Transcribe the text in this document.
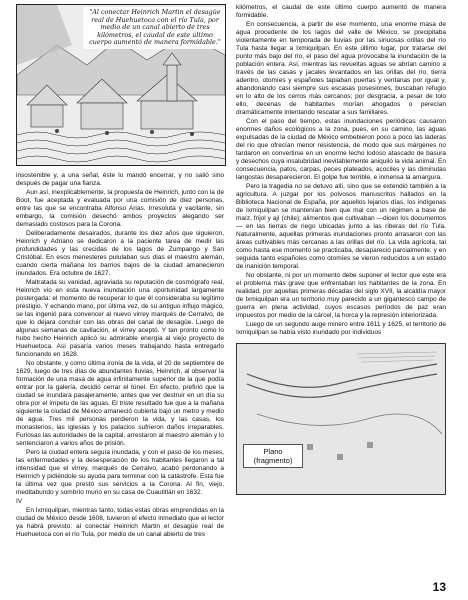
"Al conectar Heinrich Martin el desagüe real de Huehuetoca con el río Tula, por medio de un canal abierto de tres kilómetros, el caudal de este último cuerpo aumentó de manera formidable."

insostenible y, a una señal, éste lo mandó encerrar, y no salió sino después de pagar una fianza.

Aun así, inexplicablemente, la propuesta de Heinrich, junto con la de Boot, fue aceptada y evaluada por una comisión de diez personas, entre las que se encontraba Alfonso Arias. Irresoluta y vacilante, sin embargo, la comisión desechó ambos proyectos alegando ser demasiado costosos para la Corona.

Deliberadamente desairados, durante los diez años que siguieron, Heinrich y Adriano se dedicaron a la paciente tarea de medir las profundidades y las crecidas de los lagos de Zumpango y San Cristóbal. En esos menesteres pululaban sus días el maestro alemán, cuando cierta mañana los barrios bajos de la ciudad amanecieron inundados. Era octubre de 1627.

Maltratada su vanidad, agraviada su reputación de cosmógrafo real, Heinrich vio en esta nueva inundación una oportunidad largamente postergada: el momento de recuperar lo que él consideraba su legítimo prestigio. Y echando mano, por última vez, de su antiguo influjo mágico, se las ingenió para convencer al nuevo virrey marqués de Cerralvo, de que lo dejara concluir con las obras del canal de desagüe. Luego de algunas semanas de cavilación, el virrey aceptó. Y tan pronto como lo hubo hecho Heinrich aplicó su admirable energía al viejo proyecto de Huehuetoca. Así pasaría varios meses trabajando hasta entregarlo funcionando en 1628.

No obstante, y como última ironía de la vida, el 20 de septiembre de 1629, luego de tres días de abundantes lluvias, Heinrich, al observar la formación de una masa de agua infinitamente superior de la que podía entrar por la galería, decidió cerrar el túnel. En efecto, prefirió que la ciudad se inundara pasajeramente, antes que ver destruir en un día su obra por el ímpetu de las aguas. El triste resultado fue que a la mañana siguiente la ciudad de México amaneció cubierta bajo un metro y medio de agua. Tres mil personas perdieron la vida, y las casas, los monasterios, las iglesias y los palacios sufrieron daños irreparables. Furiosas las autoridades de la capital, arrestaron al maestro alemán y lo sentenciaron a varios años de prisión.

Pero la ciudad entera seguía inundada, y con el paso de los meses, las enfermedades y la desesperación de los habitantes llegaron a tal intensidad que el virrey, marqués de Cerralvo, acabó perdonando a Heinrich y pidiéndole su ayuda para terminar con la catástrofe. Esta fue la última vez que prestó sus servicios a la Corona. Al fin, viejo, meditabundo y sombrío murió en su casa de Cuautitlán en 1632.

IV

En Ixmiquilpan, mientras tanto, todas estas obras emprendidas en la ciudad de México desde 1608, tuvieron el efecto inmediato que el lector ya habrá previsto: al conectar Heinrich Martin el desagüe real de Huehuetoca con el río Tula, por medio de un canal abierto de tres

kilómetros, el caudal de este último cuerpo aumentó de manera formidable.

En consecuencia, a partir de ese momento, una enorme masa de agua procedente de los lagos del valle de México, se precipitaba violentamente en temporada de lluvias por las sinuosas orillas del río Tula hasta llegar a Ixmiquilpan. En este último lugar, por tratarse del punto más bajo del río, el paso del agua provocaba la inundación de la población entera. Así, mientras las revueltas aguas se abrían camino a través de las casas y jacales levantados en las orillas del río, tierra adentro, otomíes y españoles tapiaban puertas y ventanas por igual y, abandonando casi siempre sus escasas posesiones, buscaban refugio en lo alto de los cerros más cercanos; por desgracia, a pesar de tolo ello, decenas de habitantes morían ahogados o perecían dramáticamente intentando rescatar a sus familiares.

Con el paso del tiempo, estas inundaciones periódicas causaron enormes daños ecológicos a la zona, pues, en su camino, las aguas expulsadas de la ciudad de México embebieron poco a poco las laderas del río que ofrecían menor resistencia, de modo que sus márgenes no tardaron en convertirse en un enorme lecho lodoso atascado de basura y desechos cuya insalubridad inevitablemente aniquiló la vida animal. En consecuencia, patos, carpas, peces plateados, acociles y las diminutas langostas desaparecieron. El golpe fue terrible, e inmensa la amargura.

Pero la tragedia no se detuvo allí, sino que se extendió también a la agricultura. A juzgar por los polvosos manuscritos hallados en la Biblioteca Nacional de España, por aquellos lejanos días, los indígenas de Ixmiquilpan se mantenían bien que mal con un régimen a base de maíz, frijol y ají (chile); alimentos que cultivaban —dicen los documentos— en las tierras de riego ubicadas junto a las riberas del río Tula. Naturalmente, aquellas primeras inundaciones pronto arrasaron con las áreas cultivables más cercanas a las orillas del río. La vida agrícola, tal como hasta ese momento se practicaba, desapareció parcialmente; y en seguida tanto españoles como otomíes se vieron reducidos a un estado de inanición temporal.

No obstante, ni por un momento debe suponer el lector que este era el problema más grave que enfrentaban los habitantes de la zona. En realidad, por aquellas primeras décadas del siglo XVII, la alcaldía mayor de Ixmiquilpan era un territorio muy parecido a un gigantesco campo de guerra en plena actividad, cuyos escasos períodos de paz eran impuestos por medio de la cárcel, la horca y la represión interiorizada.

Luego de un segundo auge minero entre 1611 y 1625, el territorio de Ixmiquilpan se había visto inundado por individuos

Plano (fragmento)
13
